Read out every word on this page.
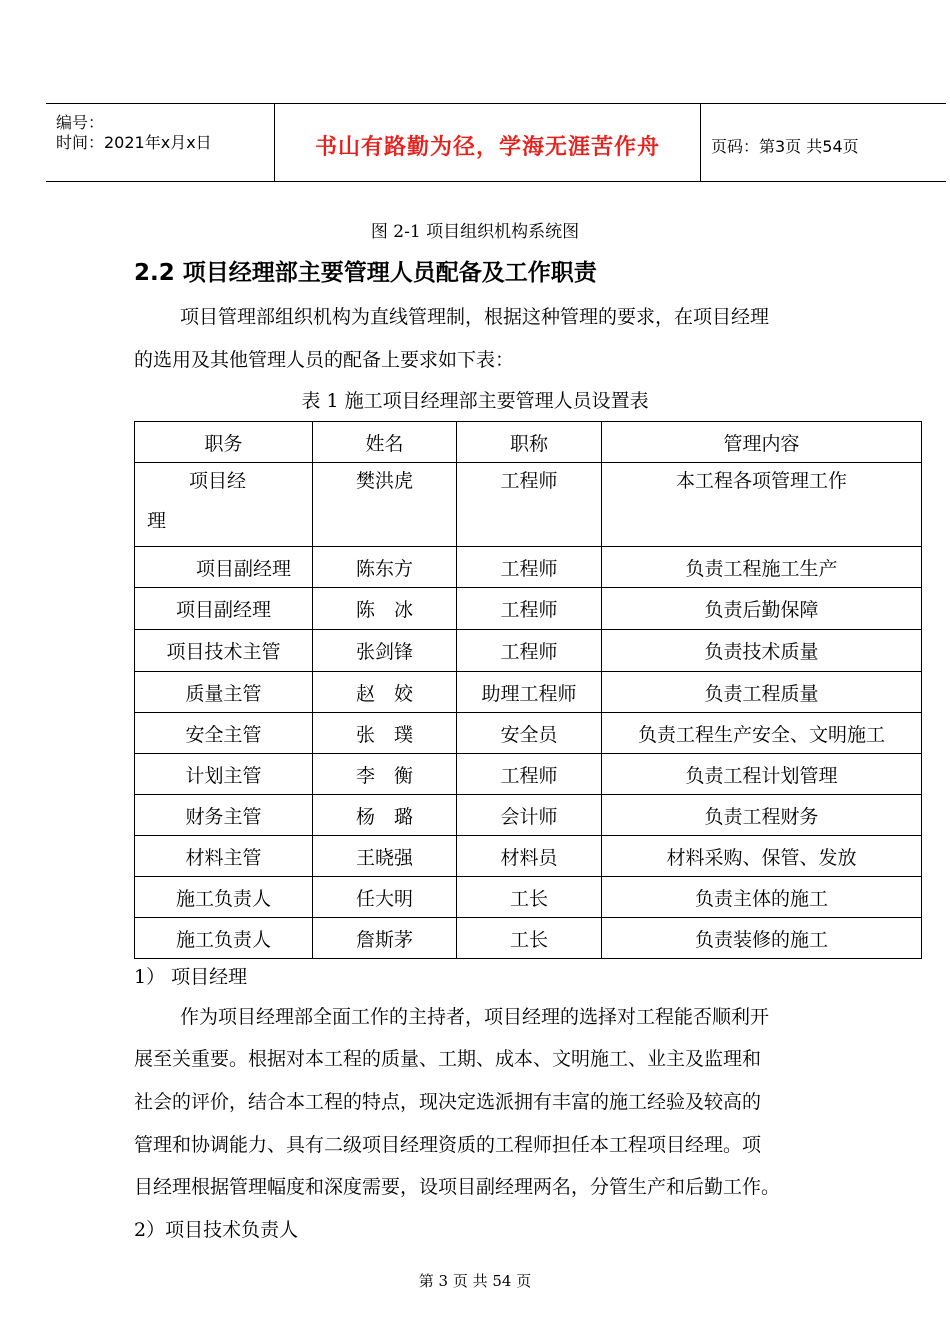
编号：
时间：2021年x月x日	书山有路勤为径，学海无涯苦作舟	页码：第3页 共54页
图 2-1 项目组织机构系统图
2.2 项目经理部主要管理人员配备及工作职责
项目管理部组织机构为直线管理制，根据这种管理的要求，在项目经理
的选用及其他管理人员的配备上要求如下表：
表 1 施工项目经理部主要管理人员设置表
职务	姓名	职称	管理内容

项目经
理	樊洪虎	工程师	本工程各项管理工作
项目副经理	陈东方	工程师	负责工程施工生产
项目副经理	陈　冰	工程师	负责后勤保障
项目技术主管	张剑锋	工程师	负责技术质量
质量主管	赵　姣	助理工程师	负责工程质量
安全主管	张　璞	安全员	负责工程生产安全、文明施工
计划主管	李　衡	工程师	负责工程计划管理
财务主管	杨　璐	会计师	负责工程财务
材料主管	王晓强	材料员	材料采购、保管、发放
施工负责人	任大明	工长	负责主体的施工
施工负责人	詹斯茅	工长	负责装修的施工
1） 项目经理
作为项目经理部全面工作的主持者，项目经理的选择对工程能否顺利开
展至关重要。根据对本工程的质量、工期、成本、文明施工、业主及监理和
社会的评价，结合本工程的特点，现决定选派拥有丰富的施工经验及较高的
管理和协调能力、具有二级项目经理资质的工程师担任本工程项目经理。项
目经理根据管理幅度和深度需要，设项目副经理两名，分管生产和后勤工作。
2）项目技术负责人
第 3 页 共 54 页
